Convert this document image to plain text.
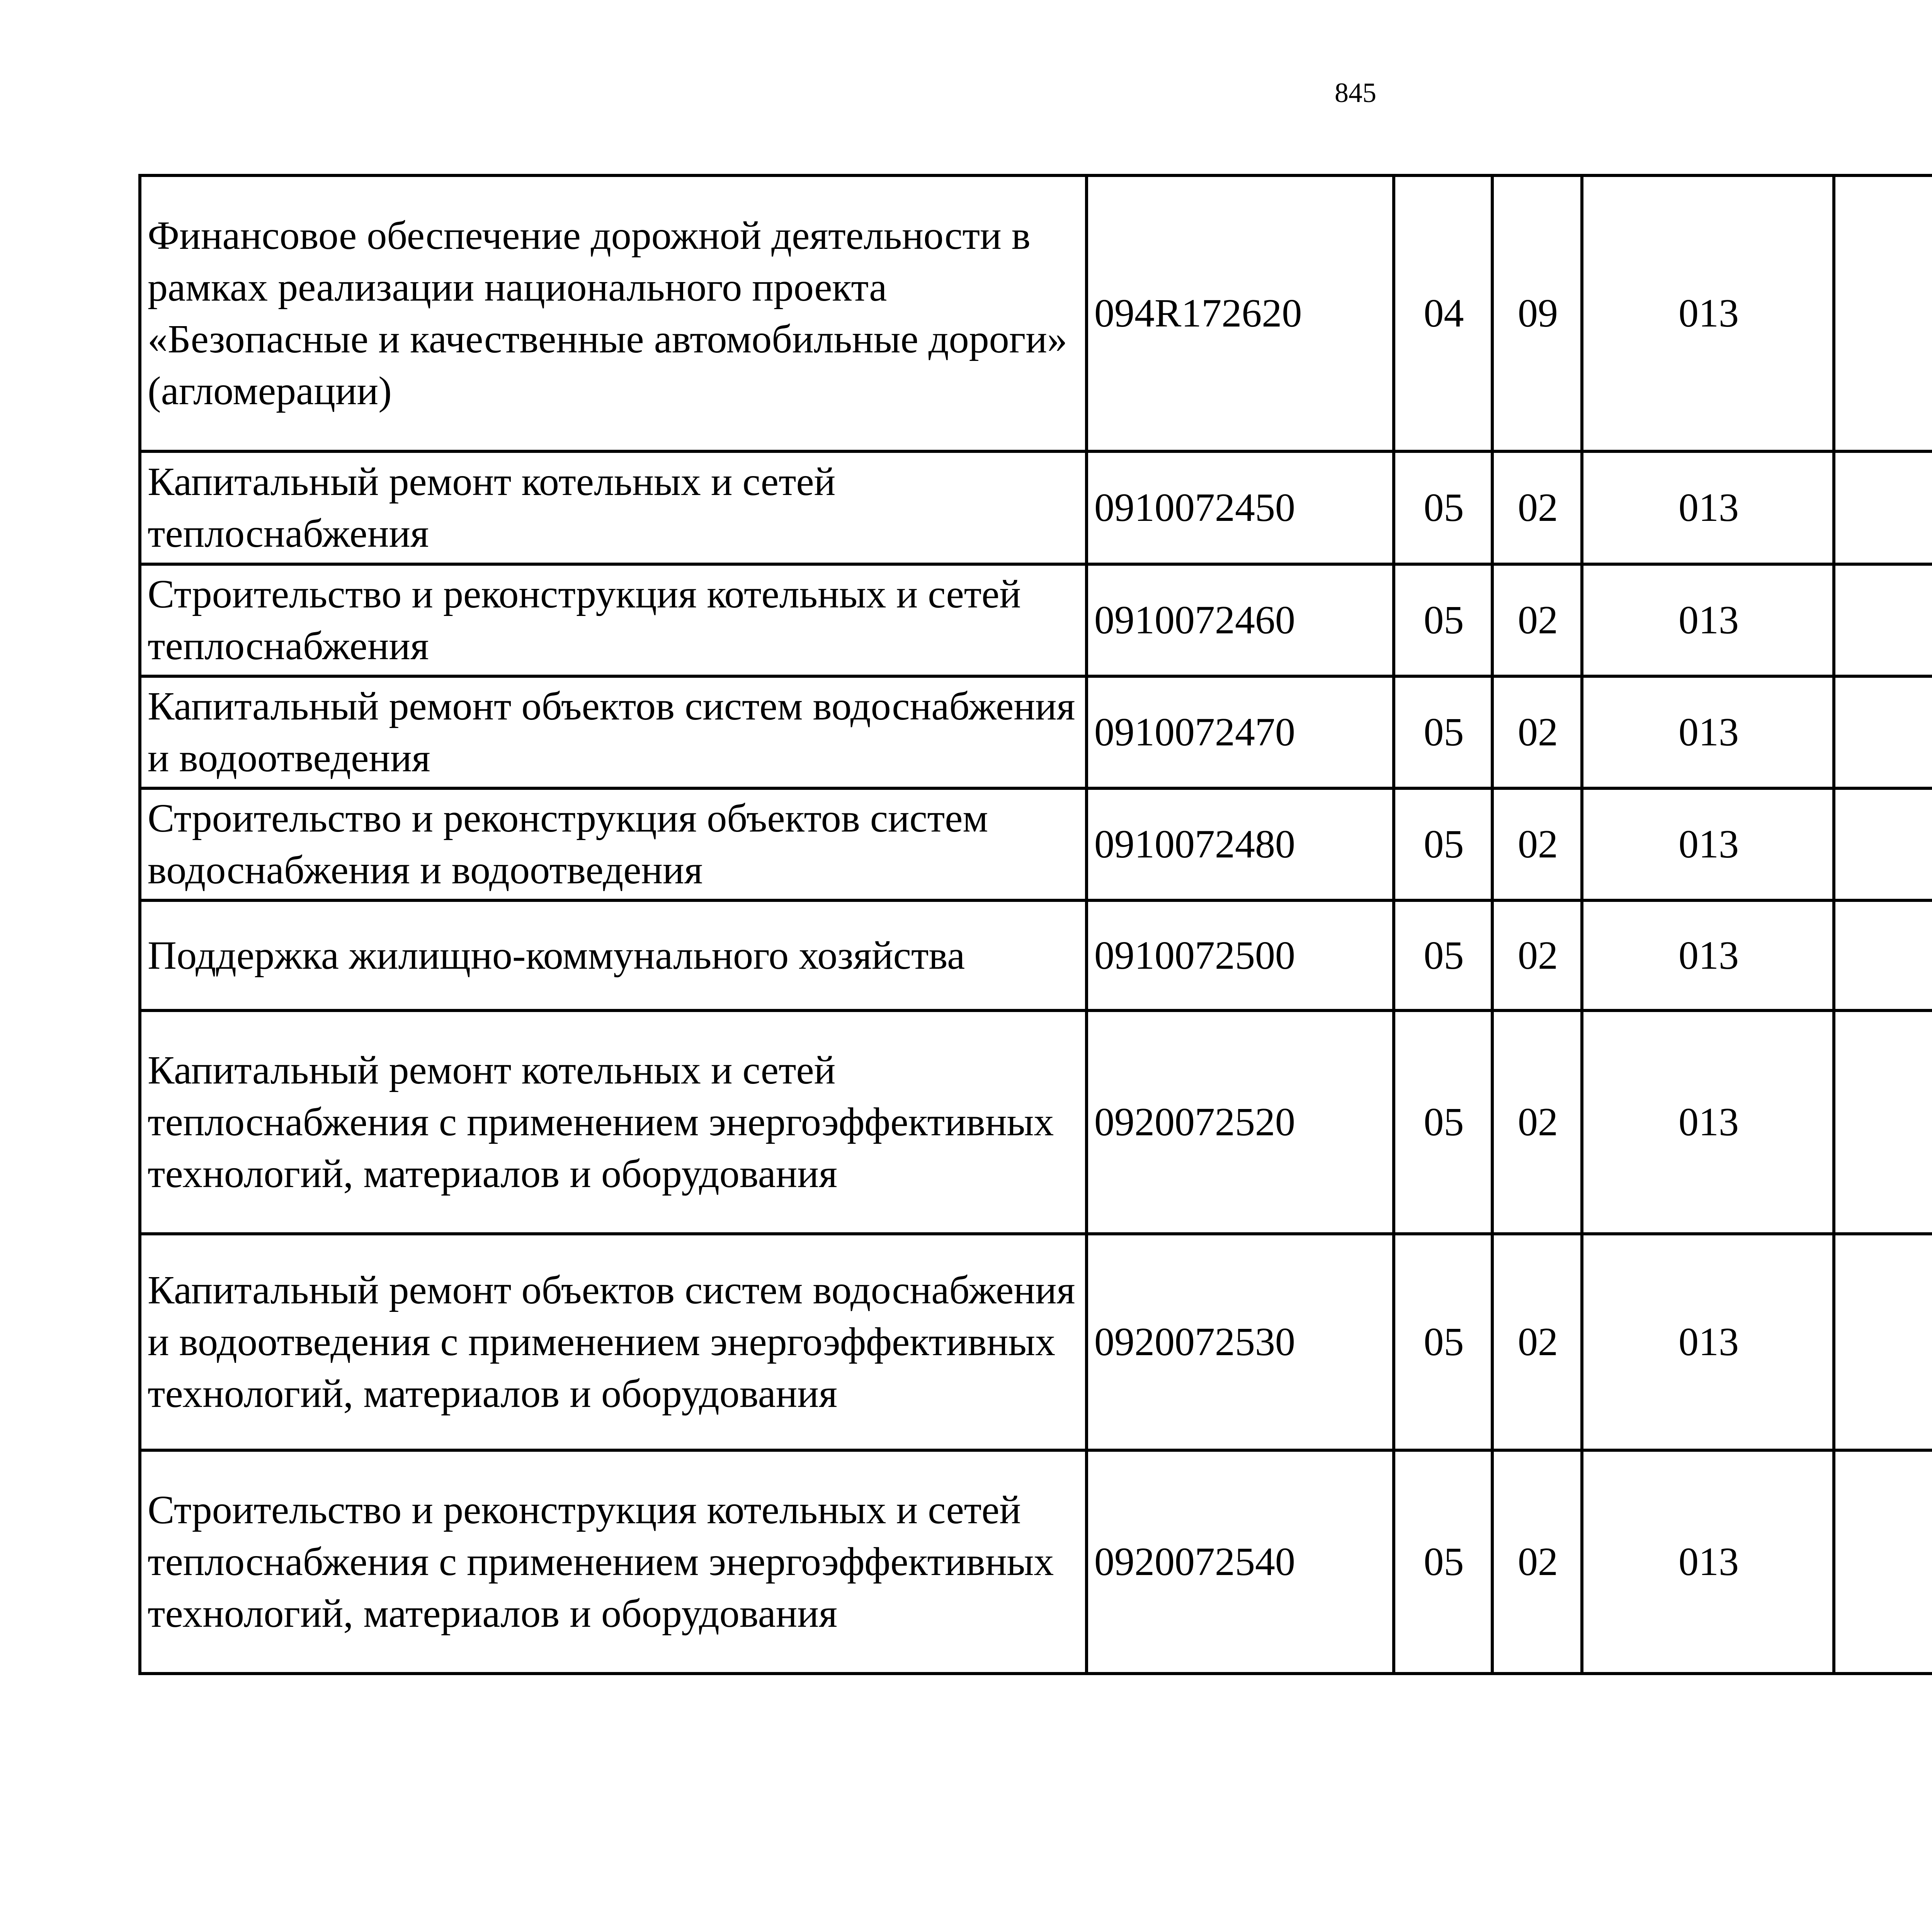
845
Финансовое обеспечение дорожной деятельности в рамках реализации национального проекта «Безопасные и качественные автомобильные дороги» (агломерации)	094R172620	04	09	013			
Капитальный ремонт котельных и сетей теплоснабжения	0910072450	05	02	013			
Строительство и реконструкция котельных и сетей теплоснабжения	0910072460	05	02	013			
Капитальный ремонт объектов систем водоснабжения и водоотведения	0910072470	05	02	013			
Строительство и реконструкция объектов систем водоснабжения и водоотведения	0910072480	05	02	013			
Поддержка жилищно-коммунального хозяйства	0910072500	05	02	013			
Капитальный ремонт котельных и сетей теплоснабжения с применением энергоэффективных технологий, материалов и оборудования	0920072520	05	02	013			
Капитальный ремонт объектов систем водоснабжения и водоотведения с применением энергоэффективных технологий, материалов и оборудования	0920072530	05	02	013			
Строительство и реконструкция котельных и сетей теплоснабжения с применением энергоэффективных технологий, материалов и оборудования	0920072540	05	02	013			
